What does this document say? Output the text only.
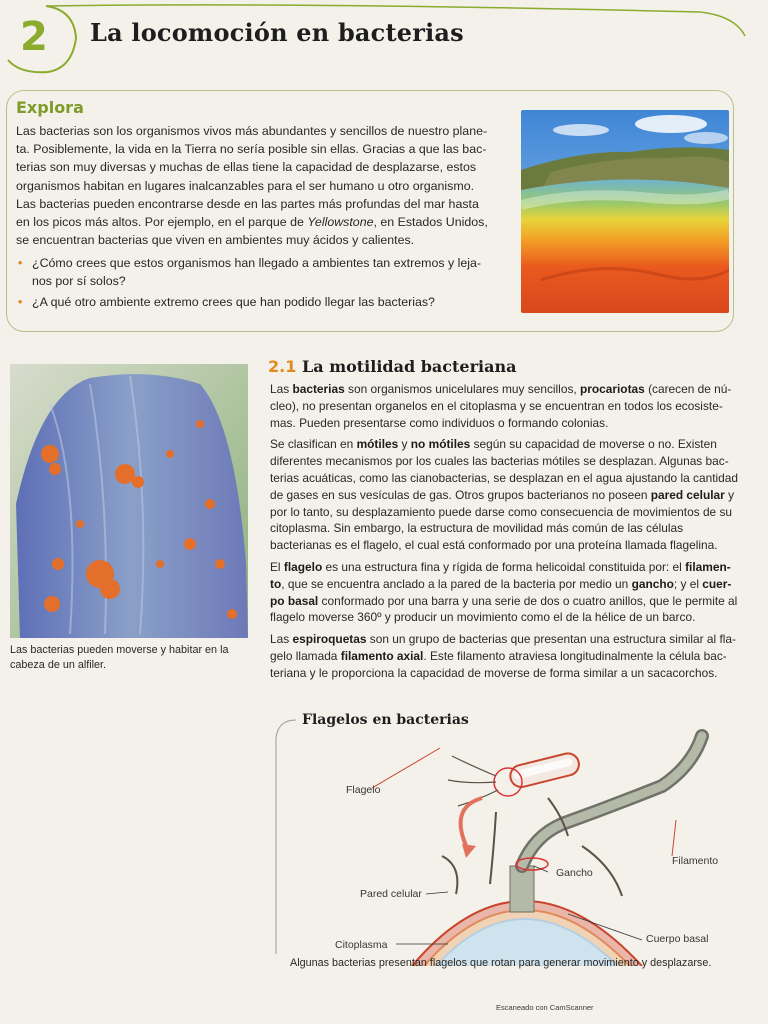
2 La locomoción en bacterias
Explora
Las bacterias son los organismos vivos más abundantes y sencillos de nuestro plane-
ta. Posiblemente, la vida en la Tierra no sería posible sin ellas. Gracias a que las bac-
terias son muy diversas y muchas de ellas tiene la capacidad de desplazarse, estos
organismos habitan en lugares inalcanzables para el ser humano u otro organismo.
Las bacterias pueden encontrarse desde en las partes más profundas del mar hasta
en los picos más altos. Por ejemplo, en el parque de Yellowstone, en Estados Unidos,
se encuentran bacterias que viven en ambientes muy ácidos y calientes.
• ¿Cómo crees que estos organismos han llegado a ambientes tan extremos y leja-
nos por sí solos?
• ¿A qué otro ambiente extremo crees que han podido llegar las bacterias?
Las bacterias pueden moverse y habitar en la cabeza de un alfiler.
2.1 La motilidad bacteriana

Las bacterias son organismos unicelulares muy sencillos, procariotas (carecen de nú-cleo), no presentan organelos en el citoplasma y se encuentran en todos los ecosiste-mas. Pueden presentarse como individuos o formando colonias.

Se clasifican en mótiles y no mótiles según su capacidad de moverse o no. Existen diferentes mecanismos por los cuales las bacterias mótiles se desplazan. Algunas bac-terias acuáticas, como las cianobacterias, se desplazan en el agua ajustando la cantidad de gases en sus vesículas de gas. Otros grupos bacterianos no poseen pared celular y por lo tanto, su desplazamiento puede darse como consecuencia de movimientos de su citoplasma. Sin embargo, la estructura de movilidad más común de las células bacterianas es el flagelo, el cual está conformado por una proteína llamada flagelina.

El flagelo es una estructura fina y rígida de forma helicoidal constituida por: el filamen-to, que se encuentra anclado a la pared de la bacteria por medio un gancho; y el cuer-po basal conformado por una barra y una serie de dos o cuatro anillos, que le permite al flagelo moverse 360º y producir un movimiento como el de la hélice de un barco.

Las espiroquetas son un grupo de bacterias que presentan una estructura similar al fla-gelo llamada filamento axial. Este filamento atraviesa longitudinalmente la célula bac-teriana y le proporciona la capacidad de moverse de forma similar a un sacacorchos.

Flagelos en bacterias
Flagelo
Filamento
Gancho
Pared celular
Citoplasma	Cuerpo basal
Algunas bacterias presentan flagelos que rotan para generar movimiento y desplazarse.
Escaneado con CamScanner
